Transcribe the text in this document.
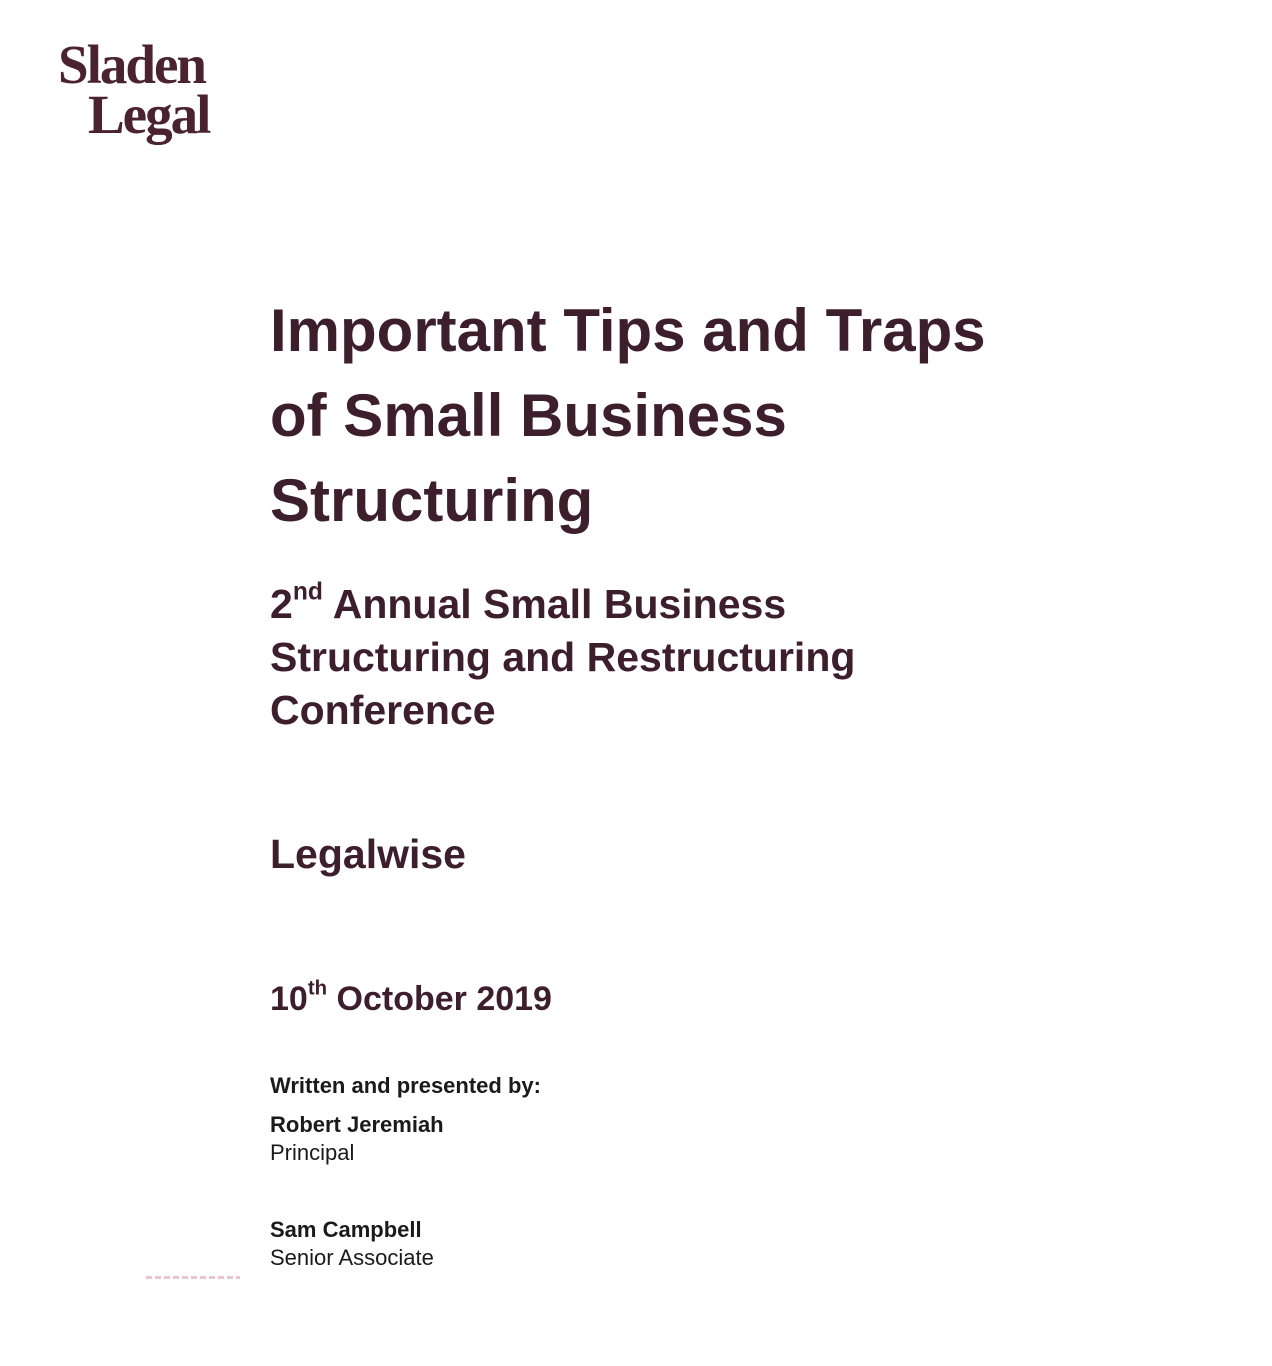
Sladen
Legal
Important Tips and Traps
of Small Business
Structuring
2nd Annual Small Business
Structuring and Restructuring
Conference
Legalwise
10th October 2019
Written and presented by:
Robert Jeremiah
Principal
Sam Campbell
Senior Associate
